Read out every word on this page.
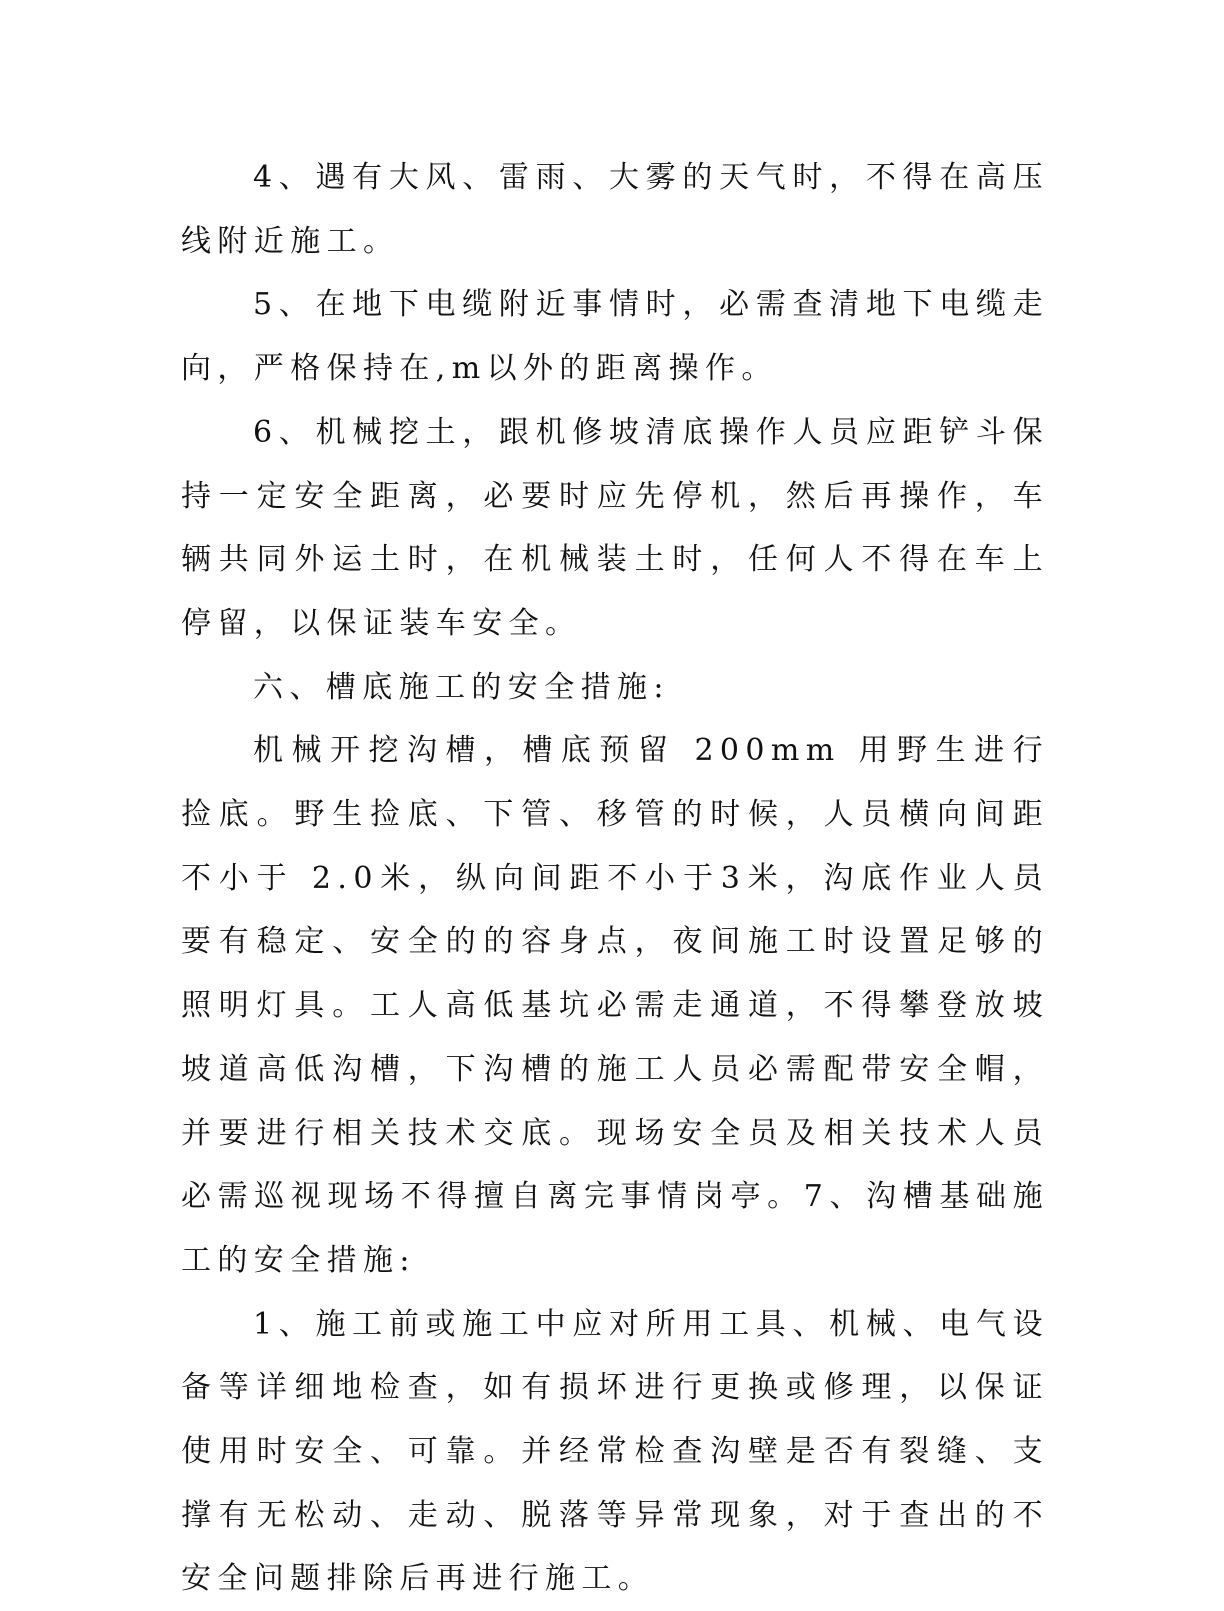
4、遇有大风、雷雨、大雾的天气时，不得在高压线附近施工。

5、在地下电缆附近事情时，必需查清地下电缆走向，严格保持在,m以外的距离操作。

6、机械挖土，跟机修坡清底操作人员应距铲斗保持一定安全距离，必要时应先停机，然后再操作，车辆共同外运土时，在机械装土时，任何人不得在车上停留，以保证装车安全。

六、槽底施工的安全措施:

机械开挖沟槽，槽底预留 200mm 用野生进行捡底。野生捡底、下管、移管的时候，人员横向间距不小于 2.0米，纵向间距不小于3米，沟底作业人员要有稳定、安全的的容身点，夜间施工时设置足够的照明灯具。工人高低基坑必需走通道，不得攀登放坡坡道高低沟槽，下沟槽的施工人员必需配带安全帽，并要进行相关技术交底。现场安全员及相关技术人员必需巡视现场不得擅自离完事情岗亭。7、沟槽基础施工的安全措施:

1、施工前或施工中应对所用工具、机械、电气设备等详细地检查，如有损坏进行更换或修理，以保证使用时安全、可靠。并经常检查沟壁是否有裂缝、支撑有无松动、走动、脱落等异常现象，对于查出的不安全问题排除后再进行施工。
